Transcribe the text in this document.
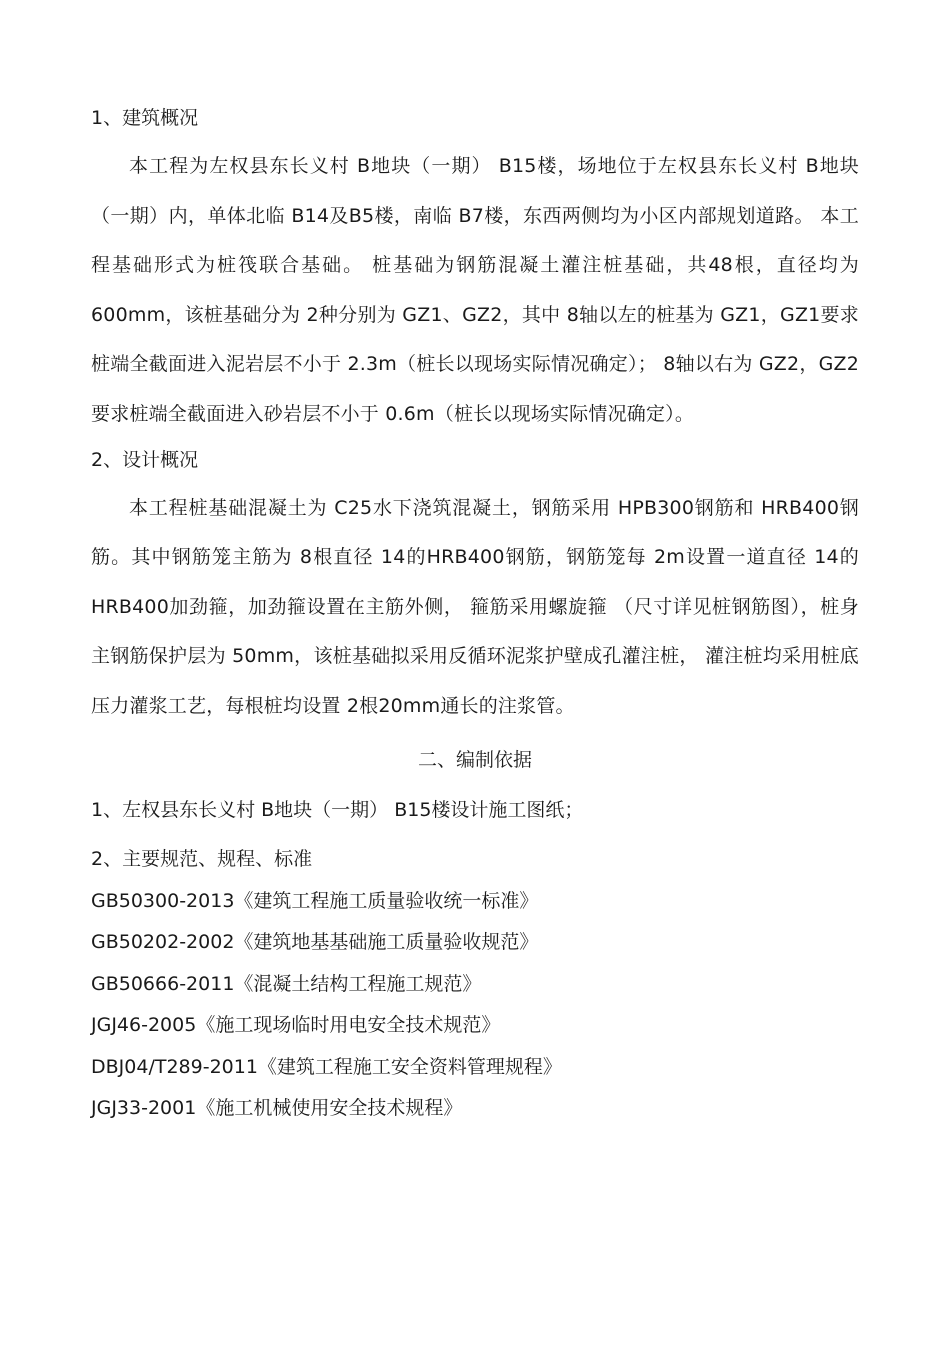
1、建筑概况

本工程为左权县东长义村 B地块（一期） B15楼，场地位于左权县东长义村 B地块（一期）内，单体北临 B14及B5楼，南临 B7楼，东西两侧均为小区内部规划道路。 本工程基础形式为桩筏联合基础。 桩基础为钢筋混凝土灌注桩基础，共48根，直径均为 600mm，该桩基础分为 2种分别为 GZ1、GZ2，其中 8轴以左的桩基为 GZ1，GZ1要求桩端全截面进入泥岩层不小于 2.3m（桩长以现场实际情况确定）； 8轴以右为 GZ2，GZ2要求桩端全截面进入砂岩层不小于 0.6m（桩长以现场实际情况确定）。

2、设计概况

本工程桩基础混凝土为 C25水下浇筑混凝土，钢筋采用 HPB300钢筋和 HRB400钢筋。其中钢筋笼主筋为 8根直径 14的HRB400钢筋，钢筋笼每 2m设置一道直径 14的HRB400加劲箍，加劲箍设置在主筋外侧， 箍筋采用螺旋箍 （尺寸详见桩钢筋图），桩身主钢筋保护层为 50mm，该桩基础拟采用反循环泥浆护壁成孔灌注桩， 灌注桩均采用桩底压力灌浆工艺，每根桩均设置 2根20mm通长的注浆管。

二、编制依据

1、左权县东长义村 B地块（一期） B15楼设计施工图纸；

2、主要规范、规程、标准

GB50300-2013《建筑工程施工质量验收统一标准》
GB50202-2002《建筑地基基础施工质量验收规范》
GB50666-2011《混凝土结构工程施工规范》
JGJ46-2005《施工现场临时用电安全技术规范》
DBJ04/T289-2011《建筑工程施工安全资料管理规程》
JGJ33-2001《施工机械使用安全技术规程》
